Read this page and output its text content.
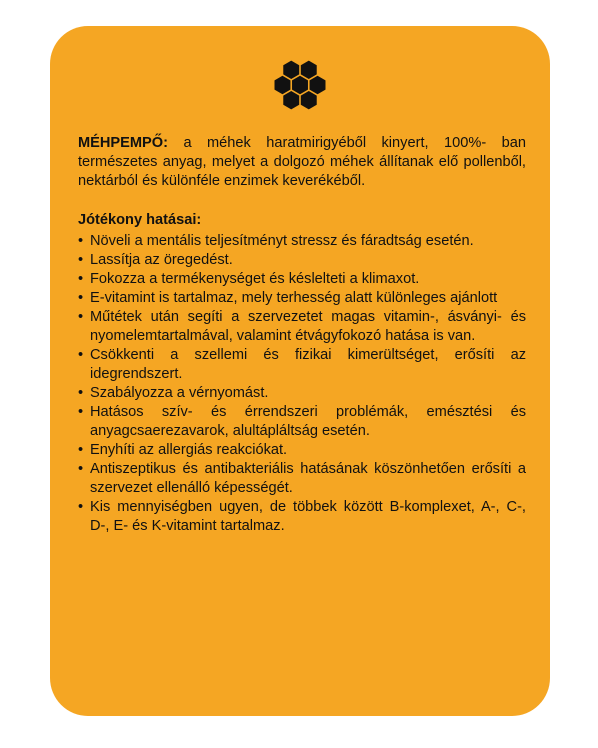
MÉHPEMPŐ: a méhek haratmirigyéből kinyert, 100%- ban természetes anyag, melyet a dolgozó méhek állítanak elő pollenből, nektárból és különféle enzimek keverékéből.

Jótékony hatásai:
• Növeli a mentális teljesítményt stressz és fáradtság esetén.
• Lassítja az öregedést.
• Fokozza a termékenységet és késlelteti a klimaxot.
• E-vitamint is tartalmaz, mely terhesség alatt különleges ajánlott
• Műtétek után segíti a szervezetet magas vitamin-, ásványi- és nyomelemtartalmával, valamint étvágyfokozó hatása is van.
• Csökkenti a szellemi és fizikai kimerültséget, erősíti az idegrendszert.
• Szabályozza a vérnyomást.
• Hatásos szív- és érrendszeri problémák, emésztési és anyagcsaerezavarok, alultápláltság esetén.
• Enyhíti az allergiás reakciókat.
• Antiszeptikus és antibakteriális hatásának köszönhetően erősíti a szervezet ellenálló képességét.
• Kis mennyiségben ugyen, de többek között B-komplexet, A-, C-, D-, E- és K-vitamint tartalmaz.
